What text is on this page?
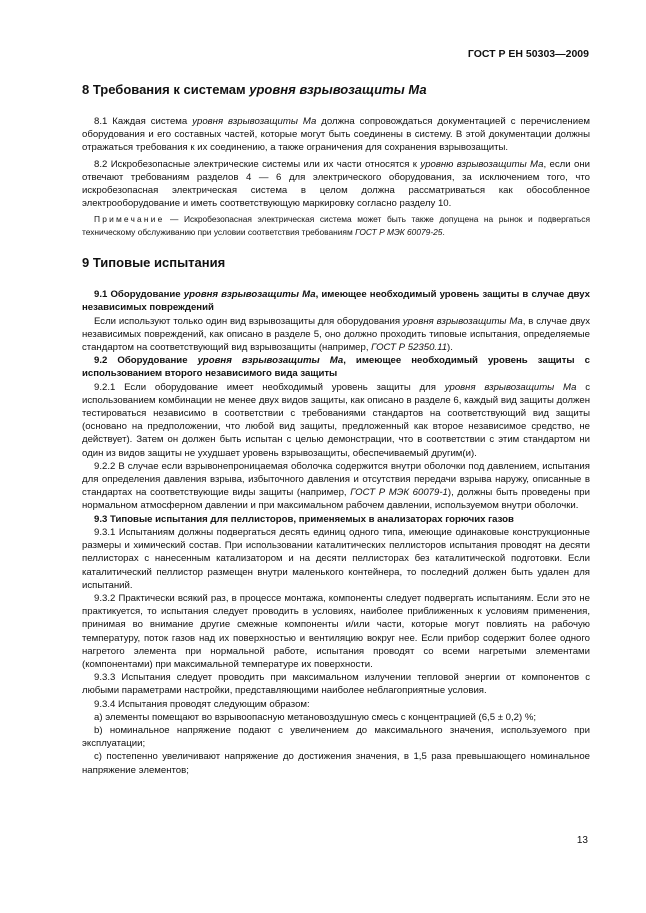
ГОСТ Р ЕН 50303—2009
8 Требования к системам уровня взрывозащиты Ма

8.1 Каждая система уровня взрывозащиты Ма должна сопровождаться документацией с перечислением оборудования и его составных частей, которые могут быть соединены в систему. В этой документации должны отражаться требования к их соединению, а также ограничения для сохранения взрывозащиты.

8.2 Искробезопасные электрические системы или их части относятся к уровню взрывозащиты Ма, если они отвечают требованиям разделов 4 — 6 для электрического оборудования, за исключением того, что искробезопасная электрическая система в целом должна рассматриваться как обособленное электрооборудование и иметь соответствующую маркировку согласно разделу 10.

Примечание — Искробезопасная электрическая система может быть также допущена на рынок и подвергаться техническому обслуживанию при условии соответствия требованиям ГОСТ Р МЭК 60079-25.

9 Типовые испытания

9.1 Оборудование уровня взрывозащиты Ма, имеющее необходимый уровень защиты в случае двух независимых повреждений

Если используют только один вид взрывозащиты для оборудования уровня взрывозащиты Ма, в случае двух независимых повреждений, как описано в разделе 5, оно должно проходить типовые испытания, определяемые стандартом на соответствующий вид взрывозащиты (например, ГОСТ Р 52350.11).

9.2 Оборудование уровня взрывозащиты Ма, имеющее необходимый уровень защиты с использованием второго независимого вида защиты

9.2.1 Если оборудование имеет необходимый уровень защиты для уровня взрывозащиты Ма с использованием комбинации не менее двух видов защиты, как описано в разделе 6, каждый вид защиты должен тестироваться независимо в соответствии с требованиями стандартов на соответствующий вид защиты (основано на предположении, что любой вид защиты, предложенный как второе независимое средство, не действует). Затем он должен быть испытан с целью демонстрации, что в соответствии с этим стандартом ни один из видов защиты не ухудшает уровень взрывозащиты, обеспечиваемый другим(и).

9.2.2 В случае если взрывонепроницаемая оболочка содержится внутри оболочки под давлением, испытания для определения давления взрыва, избыточного давления и отсутствия передачи взрыва наружу, описанные в стандартах на соответствующие виды защиты (например, ГОСТ Р МЭК 60079-1), должны быть проведены при нормальном атмосферном давлении и при максимальном рабочем давлении, используемом внутри оболочки.

9.3 Типовые испытания для пеллисторов, применяемых в анализаторах горючих газов

9.3.1 Испытаниям должны подвергаться десять единиц одного типа, имеющие одинаковые конструкционные размеры и химический состав. При использовании каталитических пеллисторов испытания проводят на десяти пеллисторах с нанесенным катализатором и на десяти пеллисторах без каталитической подготовки. Если каталитический пеллистор размещен внутри маленького контейнера, то последний должен быть удален для испытаний.

9.3.2 Практически всякий раз, в процессе монтажа, компоненты следует подвергать испытаниям. Если это не практикуется, то испытания следует проводить в условиях, наиболее приближенных к условиям применения, принимая во внимание другие смежные компоненты и/или части, которые могут повлиять на рабочую температуру, поток газов над их поверхностью и вентиляцию вокруг нее. Если прибор содержит более одного нагретого элемента при нормальной работе, испытания проводят со всеми нагретыми элементами (компонентами) при максимальной температуре их поверхности.

9.3.3 Испытания следует проводить при максимальном излучении тепловой энергии от компонентов с любыми параметрами настройки, представляющими наиболее неблагоприятные условия.

9.3.4 Испытания проводят следующим образом:

а) элементы помещают во взрывоопасную метановоздушную смесь с концентрацией (6,5 ± 0,2) %;

b) номинальное напряжение подают с увеличением до максимального значения, используемого при эксплуатации;

с) постепенно увеличивают напряжение до достижения значения, в 1,5 раза превышающего номинальное напряжение элементов;

13
